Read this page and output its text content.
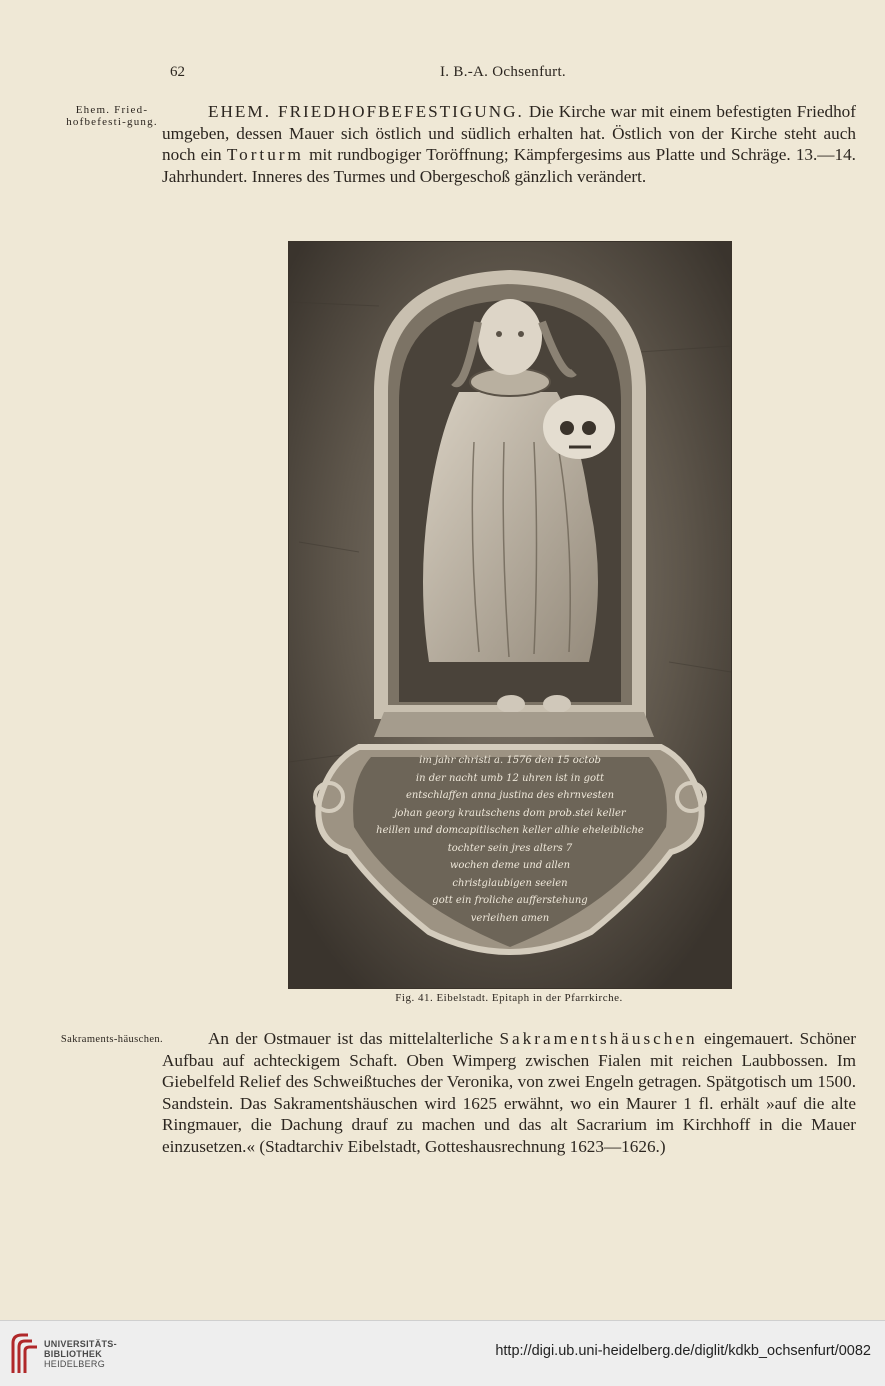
62	I. B.-A. Ochsenfurt.
Ehem. Fried-hofbefesti-gung.

EHEM. FRIEDHOFBEFESTIGUNG. Die Kirche war mit einem befestigten Friedhof umgeben, dessen Mauer sich östlich und südlich erhalten hat. Östlich von der Kirche steht auch noch ein Torturm mit rundbogiger Toröffnung; Kämpfergesims aus Platte und Schräge. 13.—14. Jahrhundert. Inneres des Turmes und Obergeschoß gänzlich verändert.

im jahr christi a. 1576 den 15 octob
in der nacht umb 12 uhren ist in gott
entschlaffen anna justina des ehrnvesten
johan georg krautschens dom prob.stei keller
heillen und domcapitlischen keller alhie eheleibliche
tochter sein jres alters 7
wochen deme und allen
christglaubigen seelen
gott ein froliche aufferstehung
verleihen amen
Fig. 41. Eibelstadt. Epitaph in der Pfarrkirche.
Sakraments-häuschen.	An der Ostmauer ist das mittelalterliche Sakramentshäuschen eingemauert. Schöner Aufbau auf achteckigem Schaft. Oben Wimperg zwischen Fialen mit reichen Laubbossen. Im Giebelfeld Relief des Schweißtuches der Veronika, von zwei Engeln getragen. Spätgotisch um 1500. Sandstein. Das Sakramentshäuschen wird 1625 erwähnt, wo ein Maurer 1 fl. erhält »auf die alte Ringmauer, die Dachung drauf zu machen und das alt Sacrarium im Kirchhoff in die Mauer einzusetzen.« (Stadtarchiv Eibelstadt, Gotteshausrechnung 1623—1626.)

UNIVERSITÄTS-
BIBLIOTHEK
HEIDELBERG
http://digi.ub.uni-heidelberg.de/diglit/kdkb_ochsenfurt/0082
